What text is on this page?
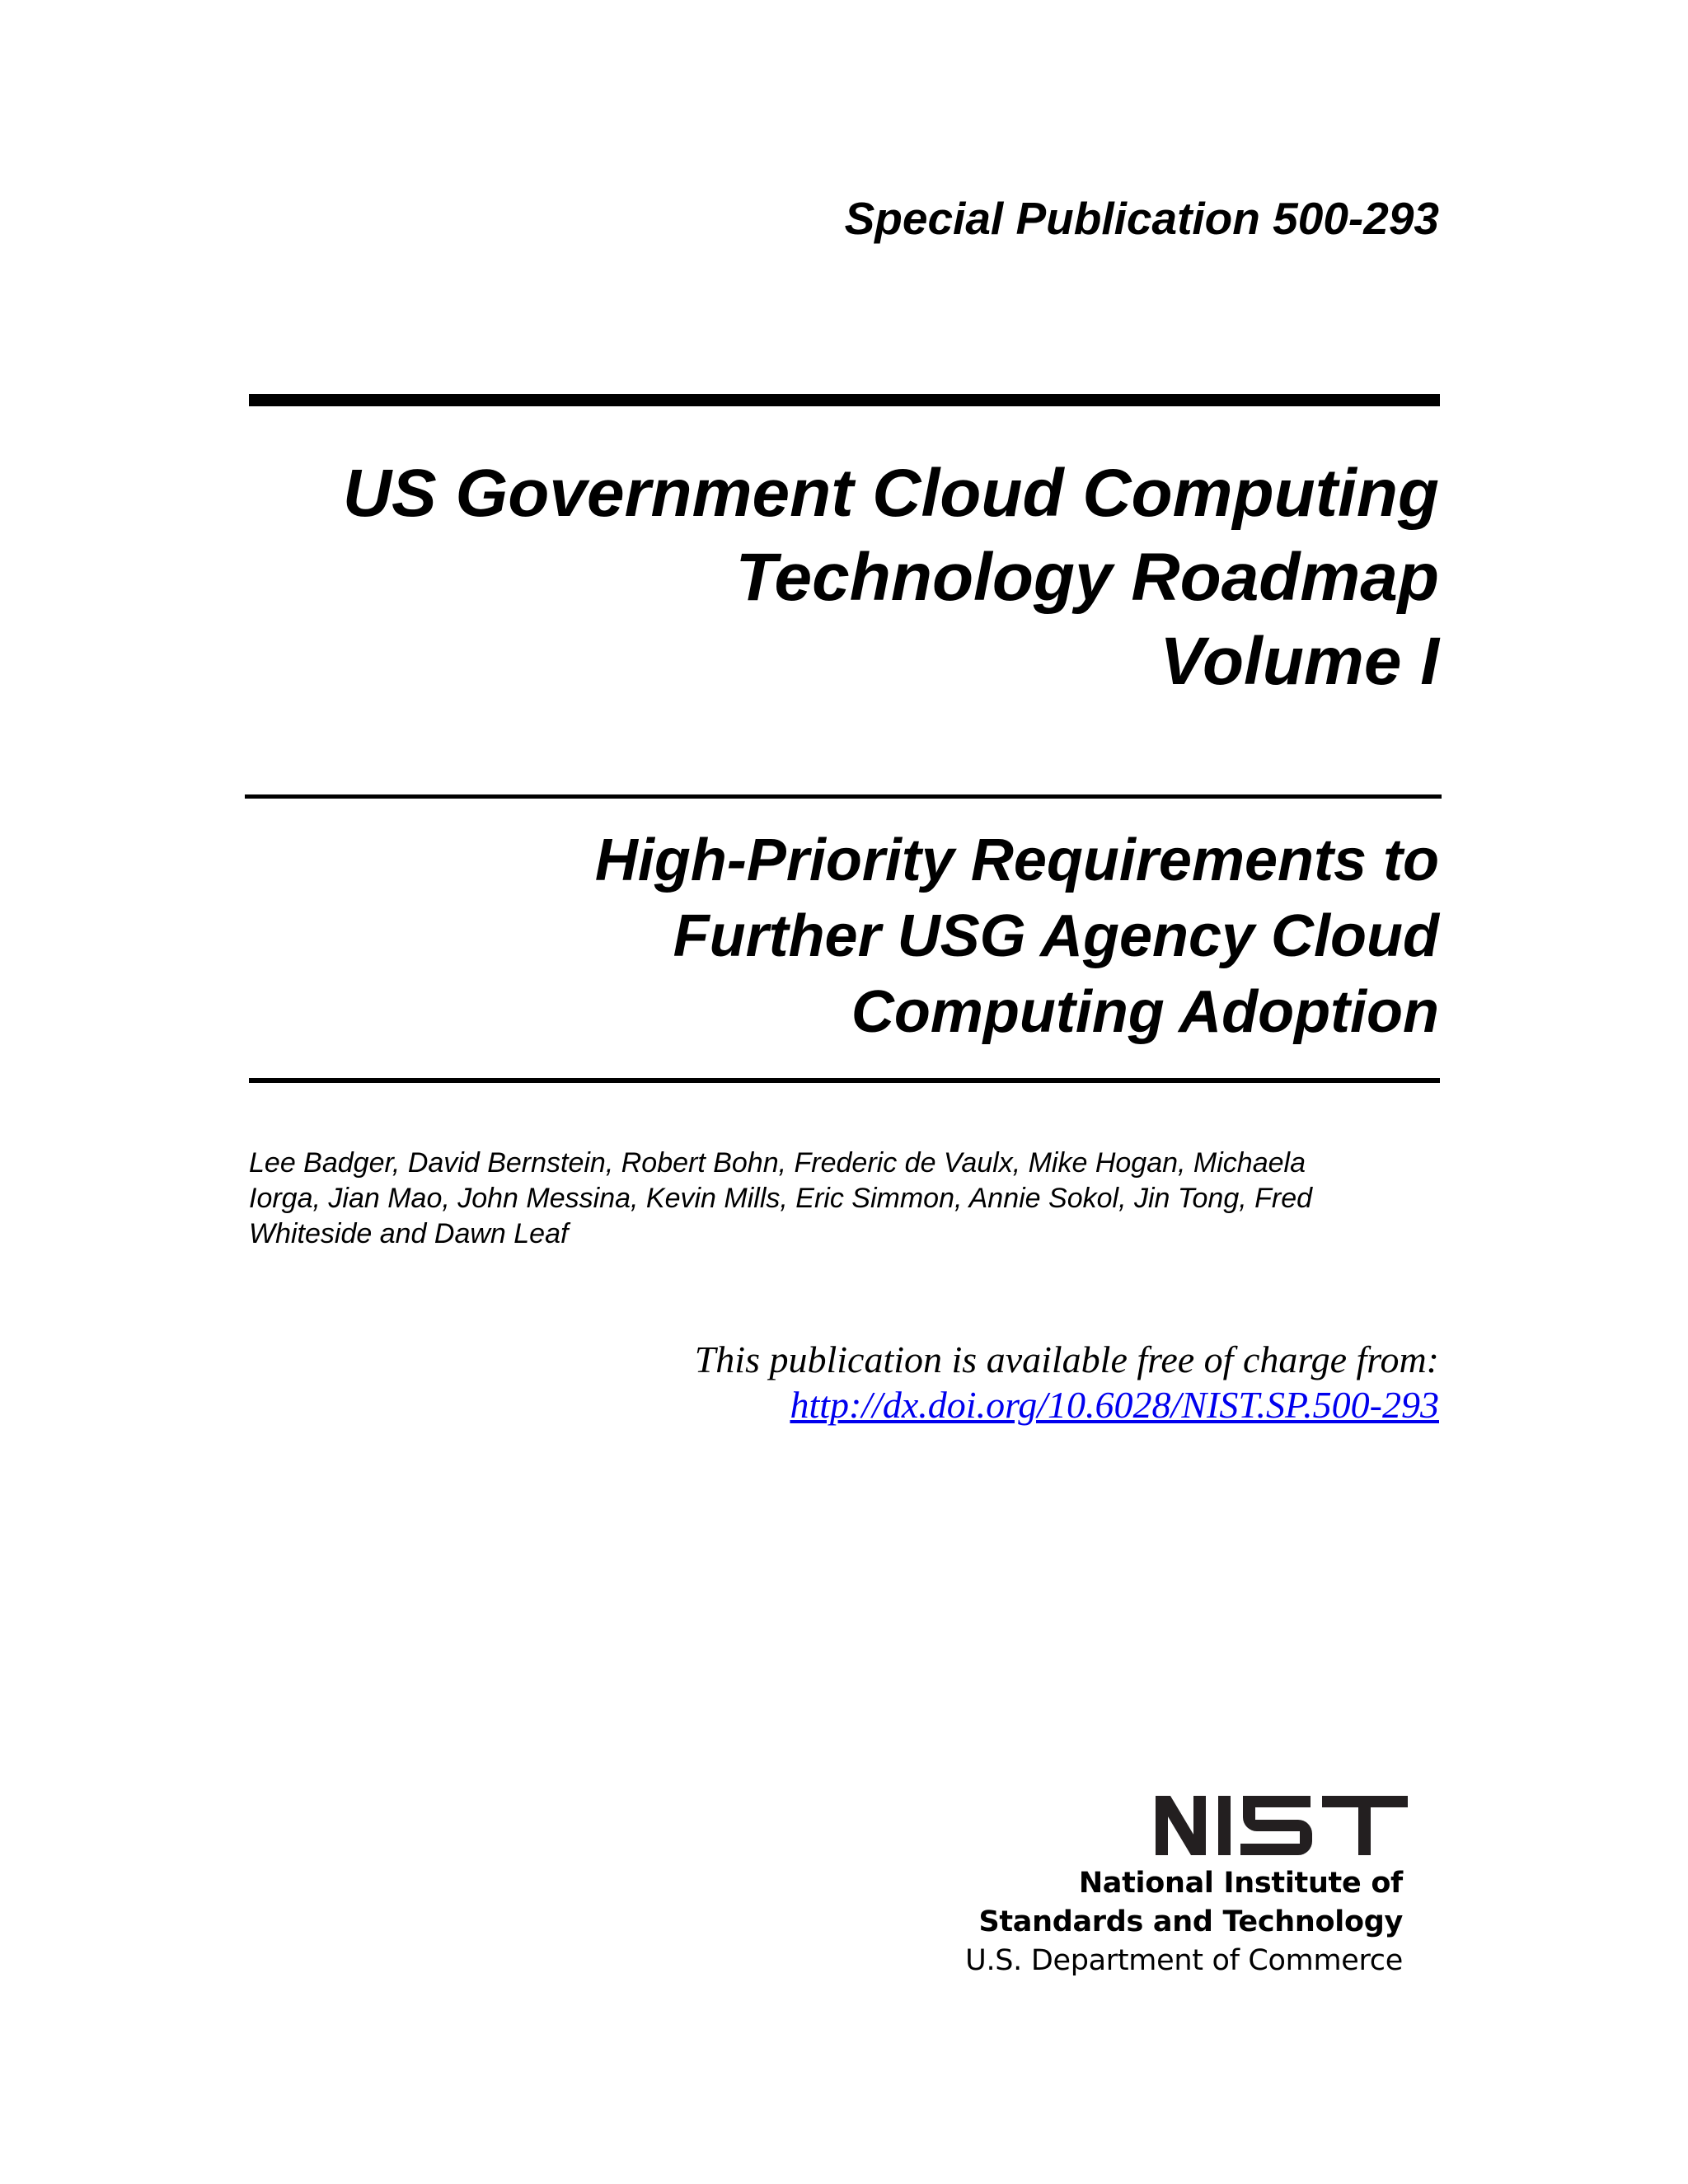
Special Publication 500-293
US Government Cloud Computing
Technology Roadmap
Volume I
High-Priority Requirements to
Further USG Agency Cloud
Computing Adoption
Lee Badger, David Bernstein, Robert Bohn, Frederic de Vaulx, Mike Hogan, Michaela
Iorga, Jian Mao, John Messina, Kevin Mills, Eric Simmon, Annie Sokol, Jin Tong, Fred
Whiteside and Dawn Leaf
This publication is available free of charge from:
http://dx.doi.org/10.6028/NIST.SP.500-293
National Institute of
Standards and Technology
U.S. Department of Commerce
